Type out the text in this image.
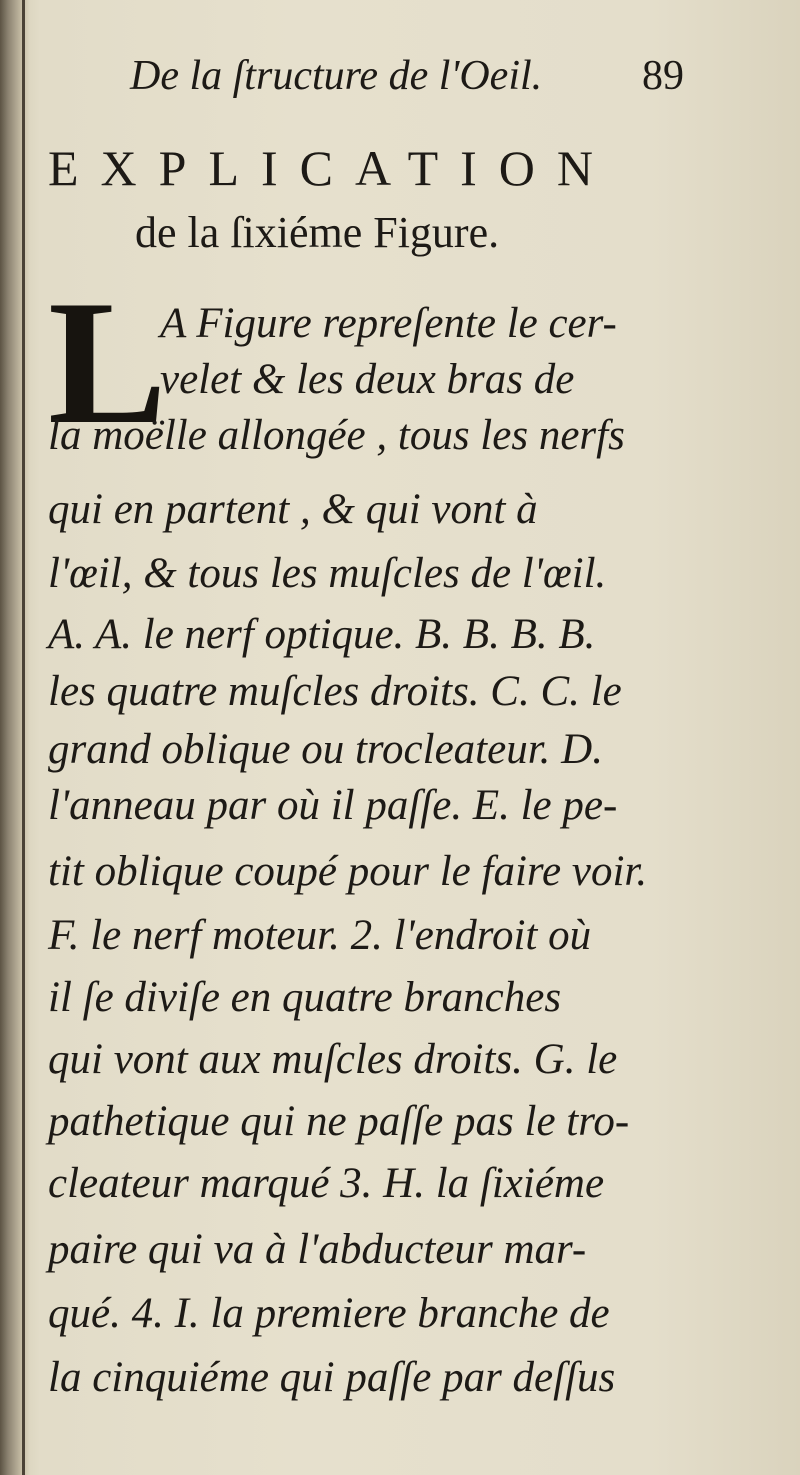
De la ſtructure de l'Oeil. 89
EXPLICATION
de la ſixiéme Figure.
L
A Figure repreſente le cer-
velet & les deux bras de
la moëlle allongée , tous les nerfs
qui en partent , & qui vont à
l'œil, & tous les muſcles de l'œil.
A. A. le nerf optique. B. B. B. B.
les quatre muſcles droits. C. C. le
grand oblique ou trocleateur. D.
l'anneau par où il paſſe. E. le pe-
tit oblique coupé pour le faire voir.
F. le nerf moteur. 2. l'endroit où
il ſe diviſe en quatre branches
qui vont aux muſcles droits. G. le
pathetique qui ne paſſe pas le tro-
cleateur marqué 3. H. la ſixiéme
paire qui va à l'abducteur mar-
qué. 4. I. la premiere branche de
la cinquiéme qui paſſe par deſſus
